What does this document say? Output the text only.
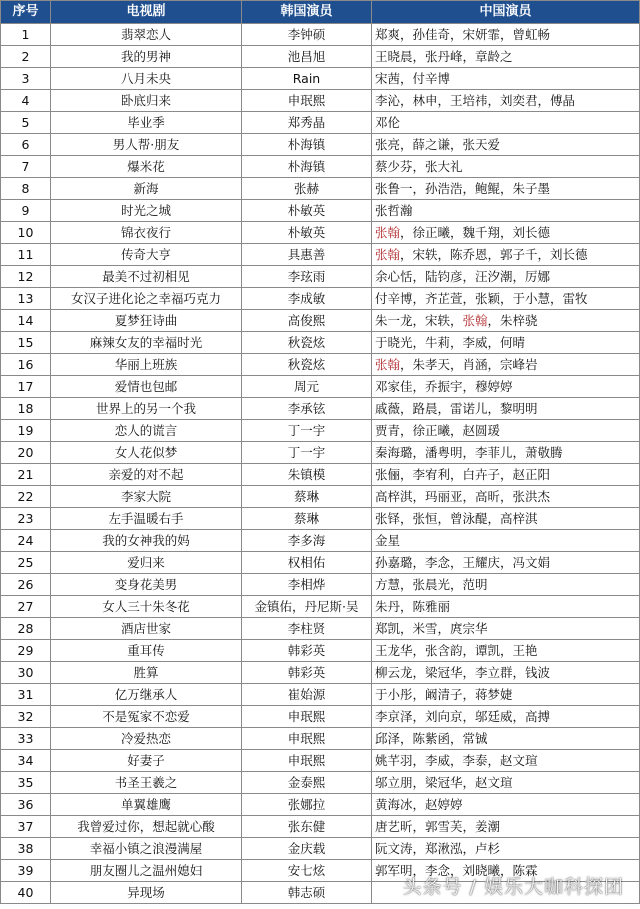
序号	电视剧	韩国演员	中国演员
1	翡翠恋人	李钟硕	郑爽，孙佳奇，宋妍霏，曾虹畅
2	我的男神	池昌旭	王晓晨，张丹峰，章龄之
3	八月未央	Rain	宋茜，付辛博
4	卧底归来	申珉熙	李沁，林申，王培祎，刘奕君，傅晶
5	毕业季	郑秀晶	邓伦
6	男人帮·朋友	朴海镇	张亮，薛之谦，张天爱
7	爆米花	朴海镇	蔡少芬，张大礼
8	新海	张赫	张鲁一，孙浩浩，鲍鲲，朱子墨
9	时光之城	朴敏英	张哲瀚
10	锦衣夜行	朴敏英	张翰，徐正曦，魏千翔，刘长德
11	传奇大亨	具惠善	张翰，宋轶，陈乔恩，郭子千，刘长德
12	最美不过初相见	李玹雨	余心恬，陆钧彦，汪汐潮，厉娜
13	女汉子进化论之幸福巧克力	李成敏	付辛博，齐芷萱，张颖，于小慧，雷牧
14	夏梦狂诗曲	高俊熙	朱一龙，宋轶，张翰，朱梓骁
15	麻辣女友的幸福时光	秋瓷炫	于晓光，牛莉，李威，何晴
16	华丽上班族	秋瓷炫	张翰，朱孝天，肖涵，宗峰岩
17	爱情也包邮	周元	邓家佳，乔振宇，穆婷婷
18	世界上的另一个我	李承铉	戚薇，路晨，雷诺儿，黎明明
19	恋人的谎言	丁一宇	贾青，徐正曦，赵圆瑗
20	女人花似梦	丁一宇	秦海璐，潘粤明，李菲儿，萧敬腾
21	亲爱的对不起	朱镇模	张俪，李宥利，白卉子，赵正阳
22	李家大院	蔡琳	高梓淇，玛丽亚，高昕，张洪杰
23	左手温暖右手	蔡琳	张铎，张恒，曾泳醍，高梓淇
24	我的女神我的妈	李多海	金星
25	爱归来	权相佑	孙嘉璐，李念，王耀庆，冯文娟
26	变身花美男	李相烨	方慧，张晨光，范明
27	女人三十朱冬花	金镇佑，丹尼斯·吴	朱丹，陈雅丽
28	酒店世家	李柱贤	郑凯，米雪，庹宗华
29	重耳传	韩彩英	王龙华，张含韵，谭凯，王艳
30	胜算	韩彩英	柳云龙，梁冠华，李立群，钱波
31	亿万继承人	崔始源	于小彤，阚清子，蒋梦婕
32	不是冤家不恋爱	申珉熙	李京泽，刘向京，邬廷威，高搏
33	冷爱热恋	申珉熙	邱泽，陈紫函，常铖
34	好妻子	申珉熙	姚芊羽，李威，李泰，赵文瑄
35	书圣王羲之	金泰熙	邬立朋，梁冠华，赵文瑄
36	单翼雄鹰	张娜拉	黄海冰，赵婷婷
37	我曾爱过你，想起就心酸	张东健	唐艺昕，郭雪芙，姜潮
38	幸福小镇之浪漫满屋	金庆载	阮文涛，郑湫泓，卢杉
39	朋友圈儿之温州媳妇	安七炫	郭军明，李念，刘晓曦，陈霖
40	异现场	韩志硕		头条号 / 娱乐大咖科探团
